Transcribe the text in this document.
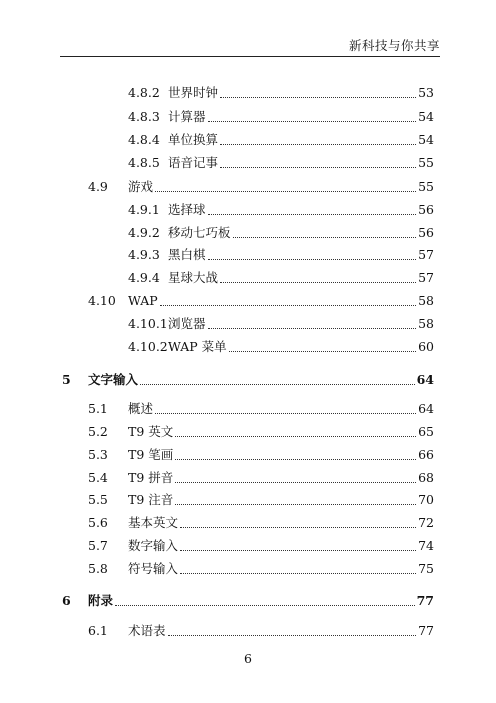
新科技与你共享
4.8.2 世界时钟	53
4.8.3 计算器	54
4.8.4 单位换算	54
4.8.5 语音记事	55
4.9	游戏	55
4.9.1 选择球	56
4.9.2 移动七巧板	56
4.9.3 黑白棋	57
4.9.4 星球大战	57
4.10 WAP	58
4.10.1 浏览器	58
4.10.2 WAP 菜单	60
5	文字输入	64
5.1	概述	64
5.2	T9 英文	65
5.3	T9 笔画	66
5.4	T9 拼音	68
5.5	T9 注音	70
5.6	基本英文	72
5.7	数字输入	74
5.8	符号输入	75
6	附录	77
6.1	术语表	77
6
